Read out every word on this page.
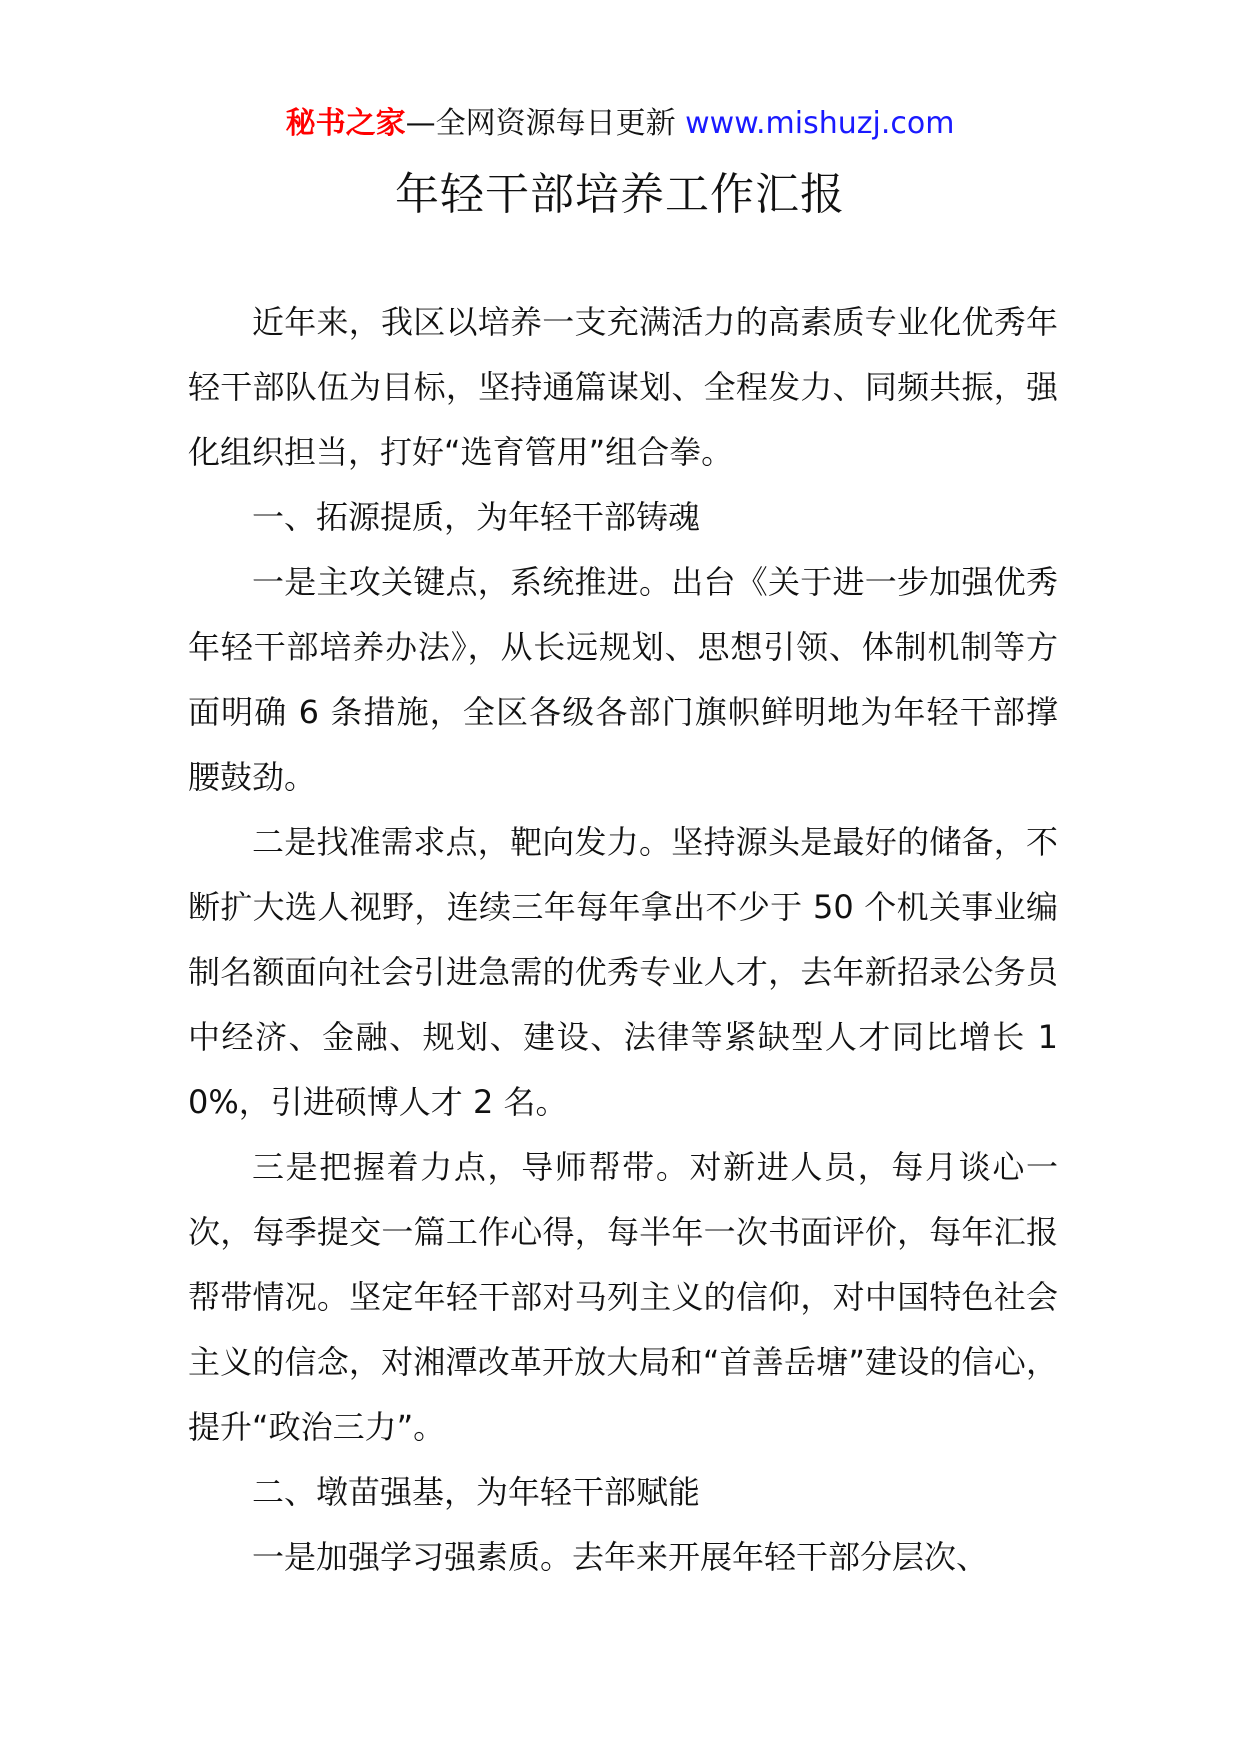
秘书之家—全网资源每日更新 www.mishuzj.com
年轻干部培养工作汇报

近年来，我区以培养一支充满活力的高素质专业化优秀年轻干部队伍为目标，坚持通篇谋划、全程发力、同频共振，强化组织担当，打好“选育管用”组合拳。

一、拓源提质，为年轻干部铸魂

一是主攻关键点，系统推进。出台《关于进一步加强优秀年轻干部培养办法》，从长远规划、思想引领、体制机制等方面明确 6 条措施，全区各级各部门旗帜鲜明地为年轻干部撑腰鼓劲。

二是找准需求点，靶向发力。坚持源头是最好的储备，不断扩大选人视野，连续三年每年拿出不少于 50 个机关事业编制名额面向社会引进急需的优秀专业人才，去年新招录公务员中经济、金融、规划、建设、法律等紧缺型人才同比增长 10%，引进硕博人才 2 名。

三是把握着力点，导师帮带。对新进人员，每月谈心一次，每季提交一篇工作心得，每半年一次书面评价，每年汇报帮带情况。坚定年轻干部对马列主义的信仰，对中国特色社会主义的信念，对湘潭改革开放大局和“首善岳塘”建设的信心，提升“政治三力”。

二、墩苗强基，为年轻干部赋能

一是加强学习强素质。去年来开展年轻干部分层次、
